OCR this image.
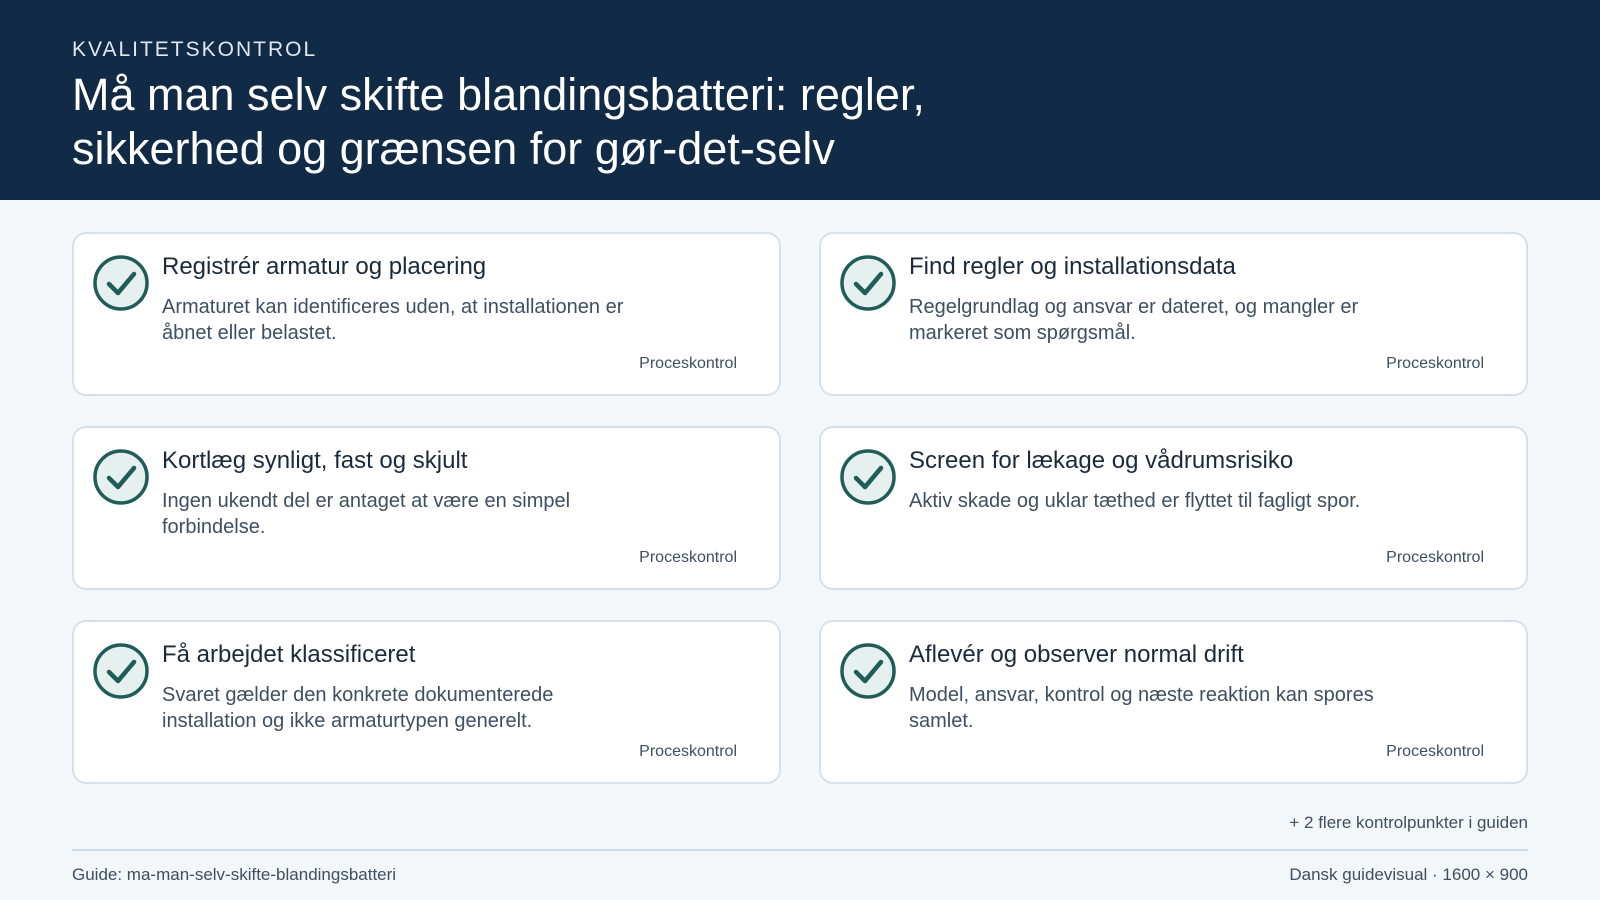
KVALITETSKONTROL
Må man selv skifte blandingsbatteri: regler, sikkerhed og grænsen for gør-det-selv
Registrér armatur og placering
Armaturet kan identificeres uden, at installationen er åbnet eller belastet.
Proceskontrol
Find regler og installationsdata
Regelgrundlag og ansvar er dateret, og mangler er markeret som spørgsmål.
Proceskontrol
Kortlæg synligt, fast og skjult
Ingen ukendt del er antaget at være en simpel forbindelse.
Proceskontrol
Screen for lækage og vådrumsrisiko
Aktiv skade og uklar tæthed er flyttet til fagligt spor.
Proceskontrol
Få arbejdet klassificeret
Svaret gælder den konkrete dokumenterede installation og ikke armaturtypen generelt.
Proceskontrol
Aflevér og observer normal drift
Model, ansvar, kontrol og næste reaktion kan spores samlet.
Proceskontrol
+ 2 flere kontrolpunkter i guiden
Guide: ma-man-selv-skifte-blandingsbatteri	Dansk guidevisual · 1600 × 900
